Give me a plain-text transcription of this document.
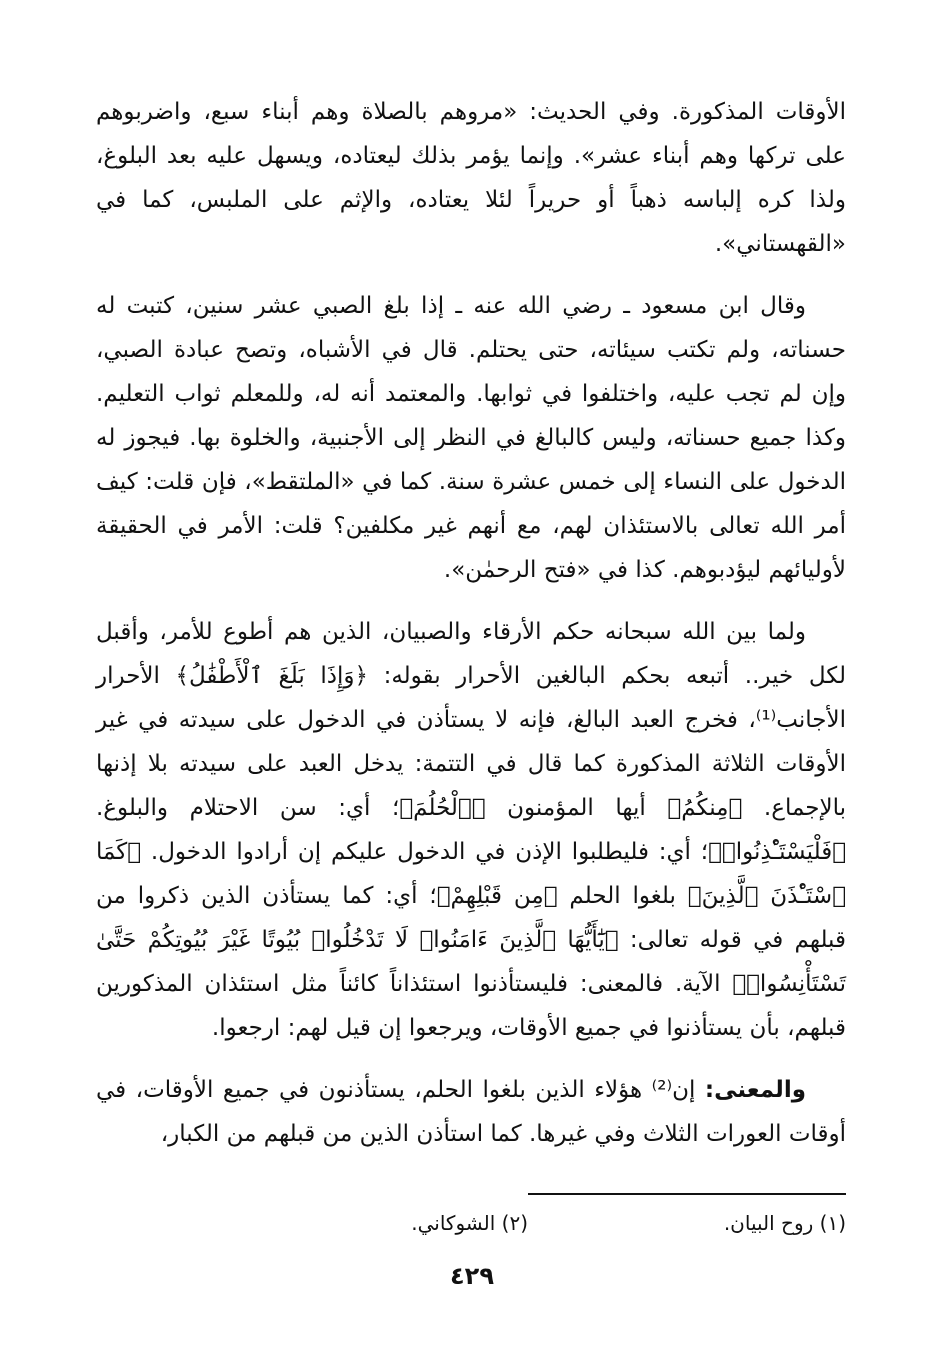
الأوقات المذكورة. وفي الحديث: «مروهم بالصلاة وهم أبناء سبع، واضربوهم على تركها وهم أبناء عشر». وإنما يؤمر بذلك ليعتاده، ويسهل عليه بعد البلوغ، ولذا كره إلباسه ذهباً أو حريراً لئلا يعتاده، والإثم على الملبس، كما في «القهستاني».

وقال ابن مسعود ـ رضي الله عنه ـ إذا بلغ الصبي عشر سنين، كتبت له حسناته، ولم تكتب سيئاته، حتى يحتلم. قال في الأشباه، وتصح عبادة الصبي، وإن لم تجب عليه، واختلفوا في ثوابها. والمعتمد أنه له، وللمعلم ثواب التعليم. وكذا جميع حسناته، وليس كالبالغ في النظر إلى الأجنبية، والخلوة بها. فيجوز له الدخول على النساء إلى خمس عشرة سنة. كما في «الملتقط»، فإن قلت: كيف أمر الله تعالى بالاستئذان لهم، مع أنهم غير مكلفين؟ قلت: الأمر في الحقيقة لأوليائهم ليؤدبوهم. كذا في «فتح الرحمٰن».

ولما بين الله سبحانه حكم الأرقاء والصبيان، الذين هم أطوع للأمر، وأقبل لكل خير.. أتبعه بحكم البالغين الأحرار بقوله: ﴿وَإِذَا بَلَغَ ٱلْأَطْفَٰلُ﴾ الأحرار الأجانب⁽¹⁾، فخرج العبد البالغ، فإنه لا يستأذن في الدخول على سيدته في غير الأوقات الثلاثة المذكورة كما قال في التتمة: يدخل العبد على سيدته بلا إذنها بالإجماع. ﴿مِنكُمُ﴾ أيها المؤمنون ﴿ٱلْحُلُمَ﴾؛ أي: سن الاحتلام والبلوغ. ﴿فَلْيَسْتَـْٔذِنُوا۟﴾؛ أي: فليطلبوا الإذن في الدخول عليكم إن أرادوا الدخول. ﴿كَمَا ٱسْتَـْٔذَنَ ٱلَّذِينَ﴾ بلغوا الحلم ﴿مِن قَبْلِهِمْ﴾؛ أي: كما يستأذن الذين ذكروا من قبلهم في قوله تعالى: ﴿يَٰٓأَيُّهَا ٱلَّذِينَ ءَامَنُوا۟ لَا تَدْخُلُوا۟ بُيُوتًا غَيْرَ بُيُوتِكُمْ حَتَّىٰ تَسْتَأْنِسُوا۟﴾ الآية. فالمعنى: فليستأذنوا استئذاناً كائناً مثل استئذان المذكورين قبلهم، بأن يستأذنوا في جميع الأوقات، ويرجعوا إن قيل لهم: ارجعوا.

والمعنى: إن⁽²⁾ هؤلاء الذين بلغوا الحلم، يستأذنون في جميع الأوقات، في أوقات العورات الثلاث وفي غيرها. كما استأذن الذين من قبلهم من الكبار،

(١) روح البيان.
(٢) الشوكاني.
٤٢٩
